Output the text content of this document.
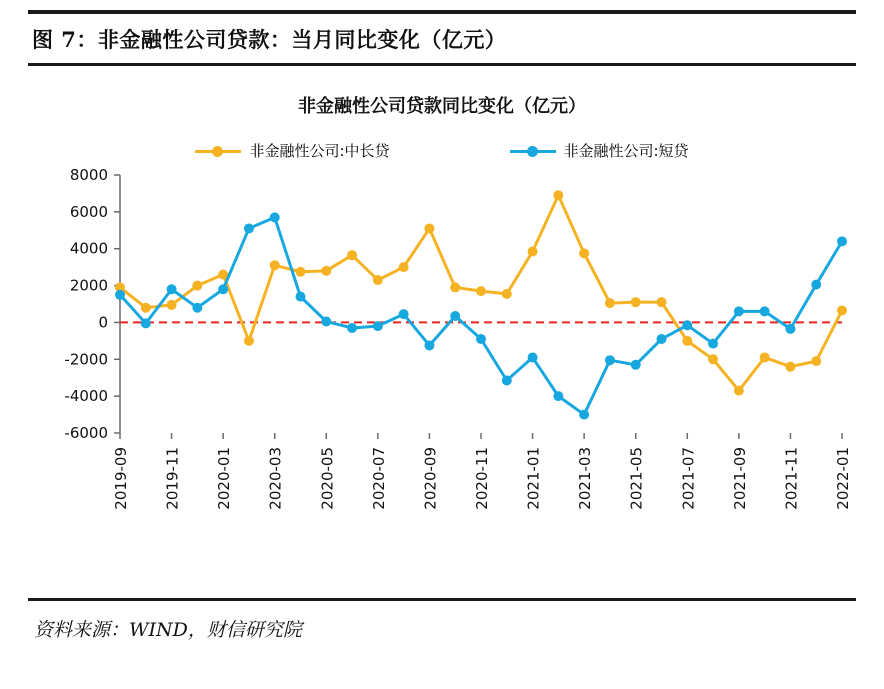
图 7：非金融性公司贷款：当月同比变化（亿元）
非金融性公司贷款同比变化（亿元）
非金融性公司:中长贷	非金融性公司:短贷
-6000
-4000
-2000
0
2000
4000
6000
8000
2019-09 2019-11 2020-01 2020-03 2020-05 2020-07 2020-09 2020-11 2021-01 2021-03 2021-05 2021-07 2021-09 2021-11 2022-01
资料来源：WIND，财信研究院
